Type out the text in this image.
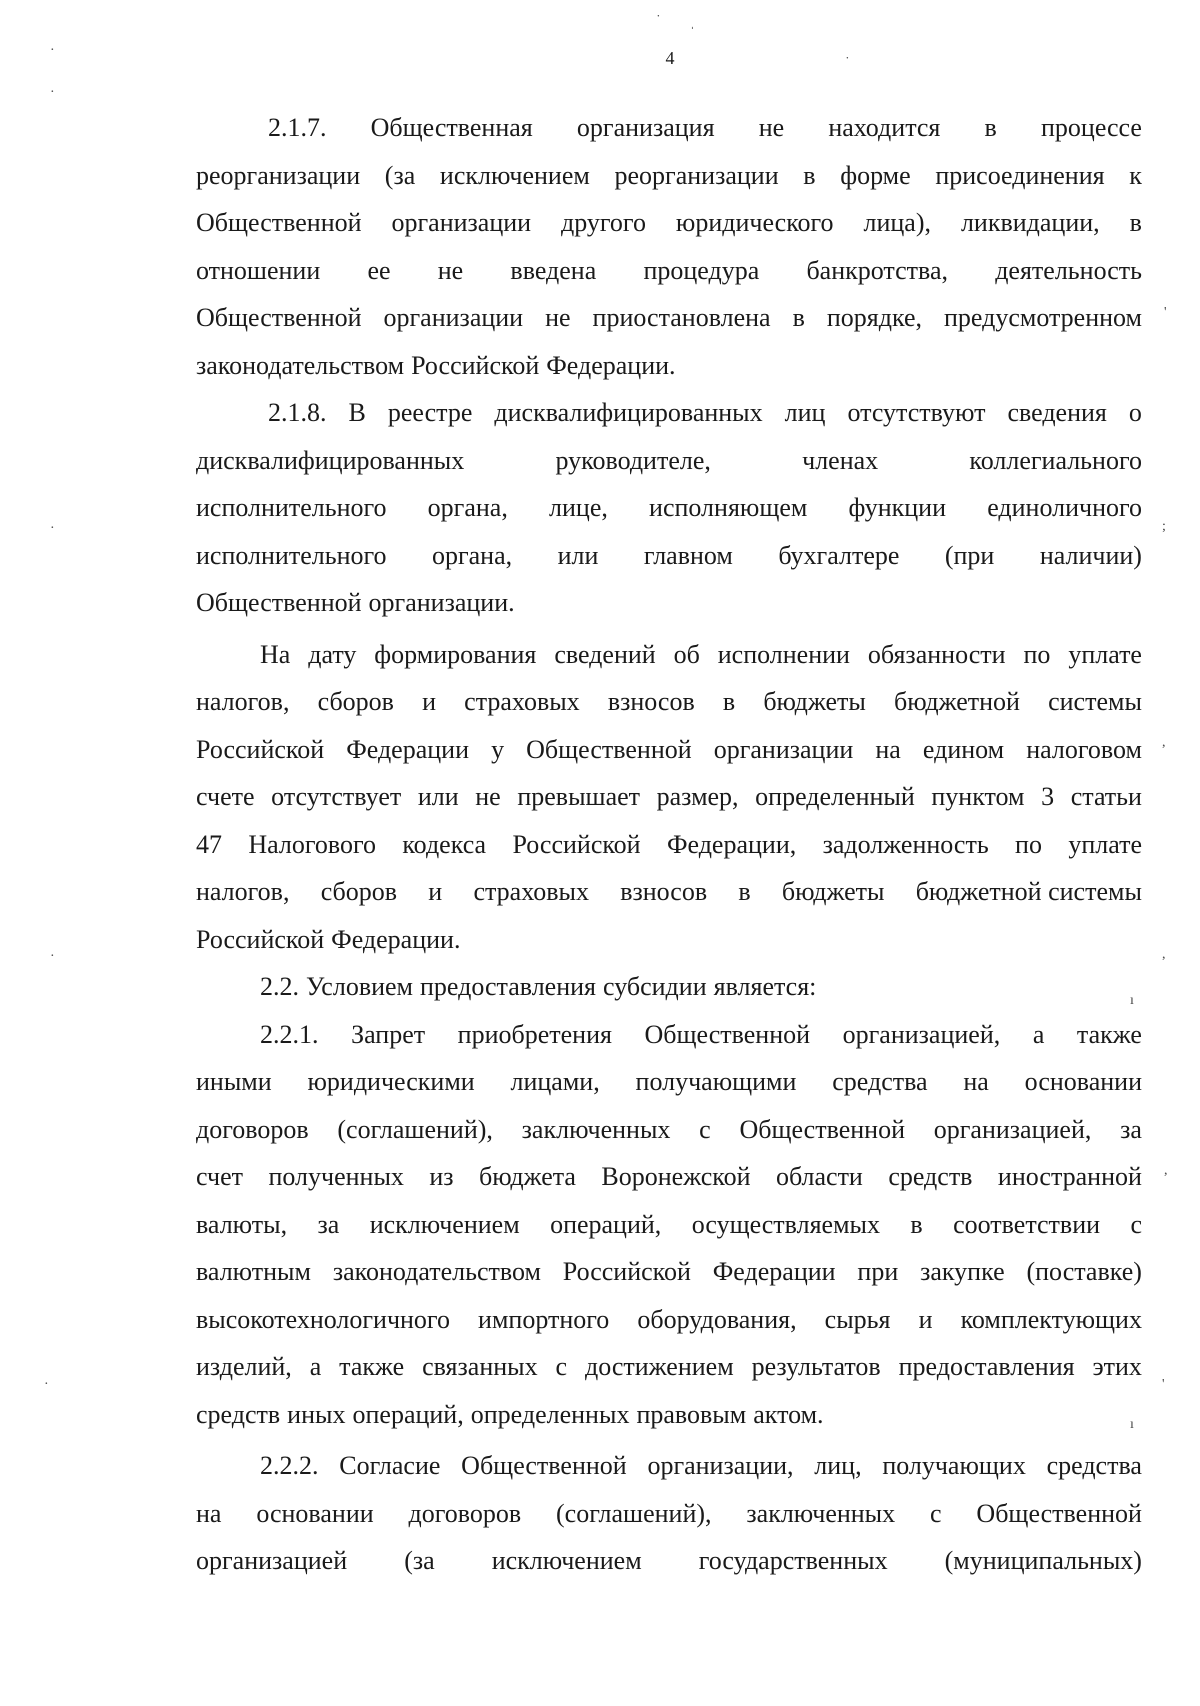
4
·
·
˙ ˌ
˙
·
·
·
'
;
,
,
ı
,
'
ı
2.1.7. Общественная организация не находится в процессе
реорганизации (за исключением реорганизации в форме присоединения к
Общественной организации другого юридического лица), ликвидации, в
отношении ее не введена процедура банкротства, деятельность
Общественной организации не приостановлена в порядке, предусмотренном
законодательством Российской Федерации.
2.1.8. В реестре дисквалифицированных лиц отсутствуют сведения о
дисквалифицированных	руководителе,	членах	коллегиального
исполнительного органа, лице, исполняющем функции единоличного
исполнительного органа, или главном бухгалтере (при наличии)
Общественной организации.
На дату формирования сведений об исполнении обязанности по уплате
налогов, сборов и страховых взносов в бюджеты бюджетной системы
Российской Федерации у Общественной организации на едином налоговом
счете отсутствует или не превышает размер, определенный пунктом 3 статьи
47 Налогового кодекса Российской Федерации, задолженность по уплате
налогов, сборов и страховых взносов в бюджеты бюджетной системы
Российской Федерации.
2.2. Условием предоставления субсидии является:
2.2.1. Запрет приобретения Общественной организацией, а также
иными юридическими лицами, получающими средства на основании
договоров (соглашений), заключенных с Общественной организацией, за
счет полученных из бюджета Воронежской области средств иностранной
валюты, за исключением операций, осуществляемых в соответствии с
валютным законодательством Российской Федерации при закупке (поставке)
высокотехнологичного импортного оборудования, сырья и комплектующих
изделий, а также связанных с достижением результатов предоставления этих
средств иных операций, определенных правовым актом.
2.2.2. Согласие Общественной организации, лиц, получающих средства
на основании договоров (соглашений), заключенных с Общественной
организацией (за исключением государственных (муниципальных)
